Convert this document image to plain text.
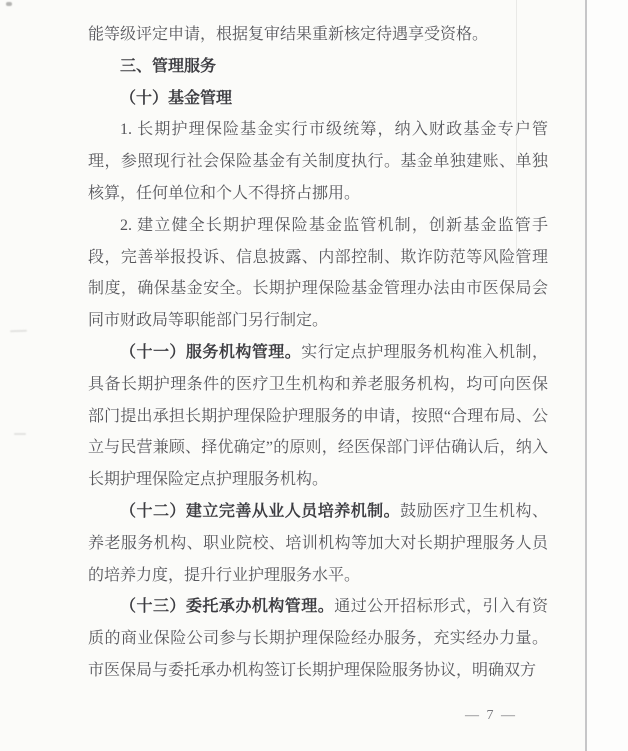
能等级评定申请，根据复审结果重新核定待遇享受资格。

三、管理服务

（十）基金管理

1. 长期护理保险基金实行市级统筹，纳入财政基金专户管理，参照现行社会保险基金有关制度执行。基金单独建账、单独核算，任何单位和个人不得挤占挪用。

2. 建立健全长期护理保险基金监管机制，创新基金监管手段，完善举报投诉、信息披露、内部控制、欺诈防范等风险管理制度，确保基金安全。长期护理保险基金管理办法由市医保局会同市财政局等职能部门另行制定。

（十一）服务机构管理。实行定点护理服务机构准入机制，具备长期护理条件的医疗卫生机构和养老服务机构，均可向医保部门提出承担长期护理保险护理服务的申请，按照“合理布局、公立与民营兼顾、择优确定”的原则，经医保部门评估确认后，纳入长期护理保险定点护理服务机构。

（十二）建立完善从业人员培养机制。鼓励医疗卫生机构、养老服务机构、职业院校、培训机构等加大对长期护理服务人员的培养力度，提升行业护理服务水平。

（十三）委托承办机构管理。通过公开招标形式，引入有资质的商业保险公司参与长期护理保险经办服务，充实经办力量。市医保局与委托承办机构签订长期护理保险服务协议，明确双方

— 7 —
